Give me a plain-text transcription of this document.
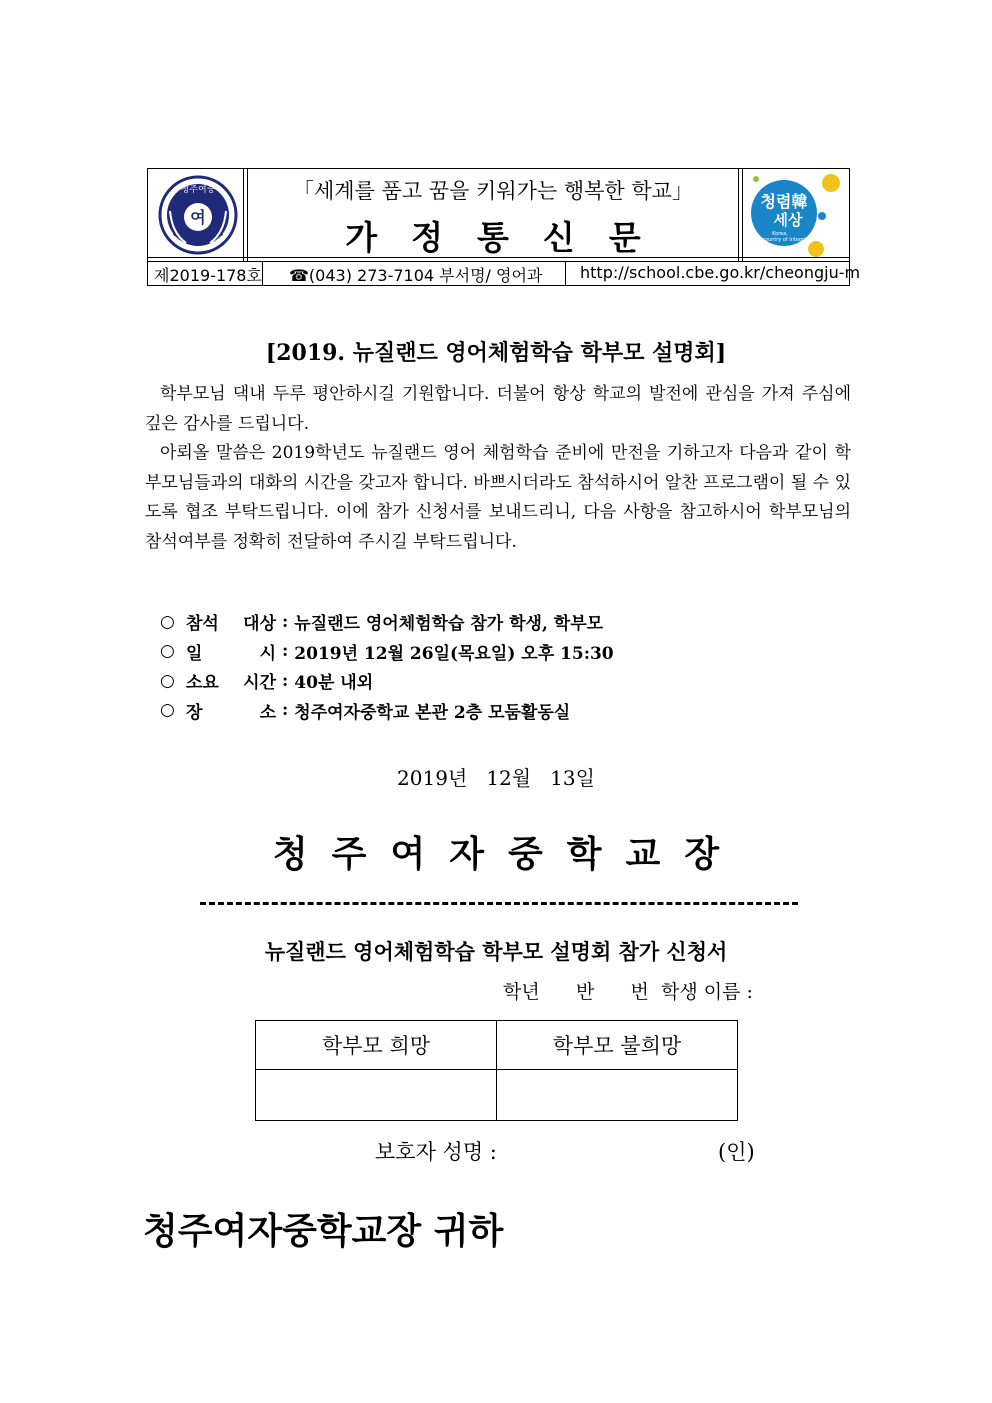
여
청주여중	「세계를 품고 꿈을 키워가는 행복한 학교」
가정통신문
청렴韓
세상
Korea,
a country of integrity
제2019-178호 ☎(043) 273-7104 부서명/ 영어과 http://school.cbe.go.kr/cheongju-m
[2019. 뉴질랜드 영어체험학습 학부모 설명회]
학부모님 댁내 두루 평안하시길 기원합니다. 더불어 항상 학교의 발전에 관심을 가져 주심에 깊은 감사를 드립니다.
아뢰올 말씀은 2019학년도 뉴질랜드 영어 체험학습 준비에 만전을 기하고자 다음과 같이 학부모님들과의 대화의 시간을 갖고자 합니다. 바쁘시더라도 참석하시어 알찬 프로그램이 될 수 있도록 협조 부탁드립니다. 이에 참가 신청서를 보내드리니, 다음 사항을 참고하시어 학부모님의 참석여부를 정확히 전달하여 주시길 부탁드립니다.
○ 참석 대상 : 뉴질랜드 영어체험학습 참가 학생, 학부모
○ 일 시 : 2019년 12월 26일(목요일) 오후 15:30
○ 소요 시간 : 40분 내외
○ 장 소 : 청주여자중학교 본관 2층 모둠활동실
2019년   12월   13일
청주여자중학교장
뉴질랜드 영어체험학습 학부모 설명회 참가 신청서
학년      반      번  학생 이름 :
학부모 희망	학부모 불희망

보호자 성명 :	(인)
청주여자중학교장 귀하
